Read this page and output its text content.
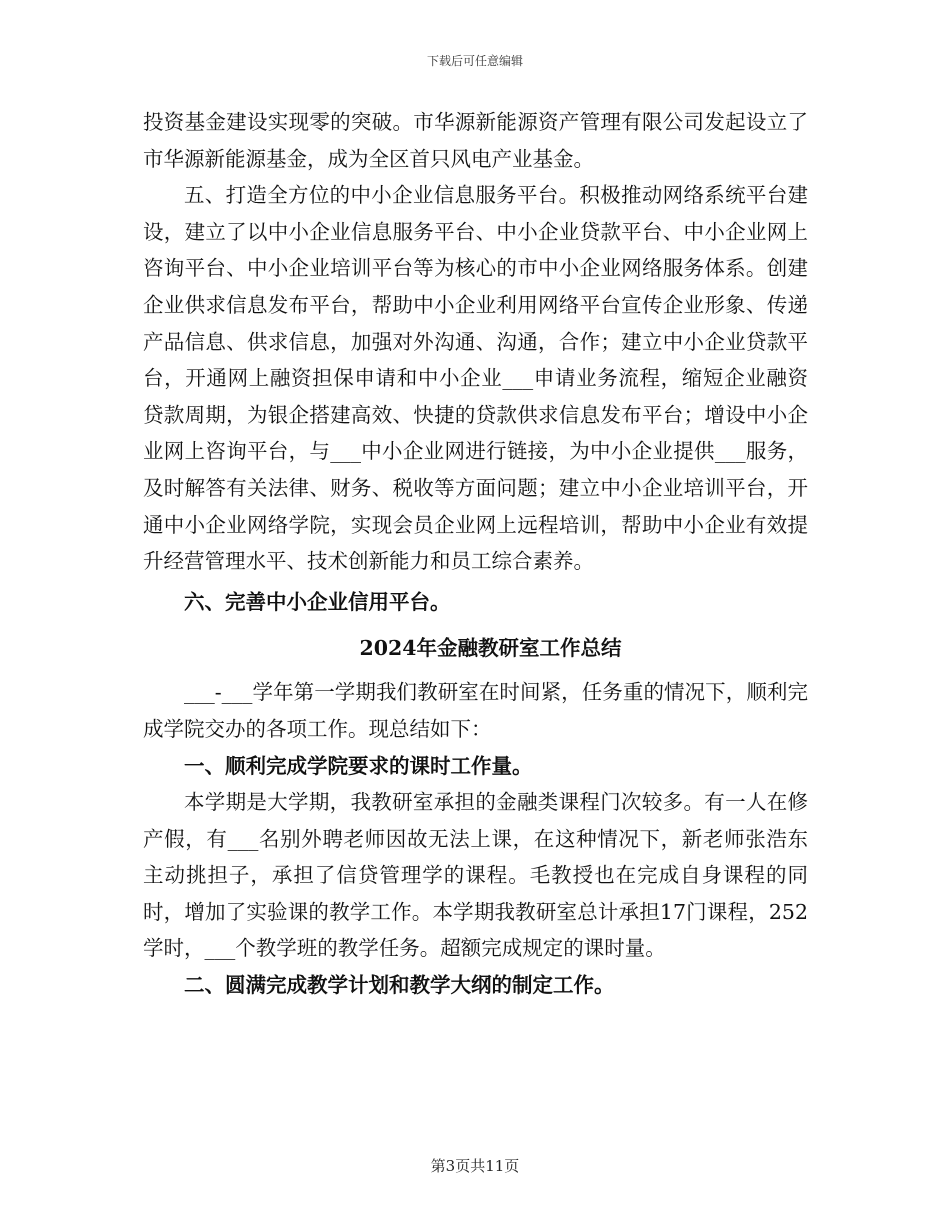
下载后可任意编辑

投资基金建设实现零的突破。市华源新能源资产管理有限公司发起设立了市华源新能源基金，成为全区首只风电产业基金。

五、打造全方位的中小企业信息服务平台。积极推动网络系统平台建设，建立了以中小企业信息服务平台、中小企业贷款平台、中小企业网上咨询平台、中小企业培训平台等为核心的市中小企业网络服务体系。创建企业供求信息发布平台，帮助中小企业利用网络平台宣传企业形象、传递产品信息、供求信息，加强对外沟通、沟通，合作；建立中小企业贷款平台，开通网上融资担保申请和中小企业___申请业务流程，缩短企业融资贷款周期，为银企搭建高效、快捷的贷款供求信息发布平台；增设中小企业网上咨询平台，与___中小企业网进行链接，为中小企业提供___服务，及时解答有关法律、财务、税收等方面问题；建立中小企业培训平台，开通中小企业网络学院，实现会员企业网上远程培训，帮助中小企业有效提升经营管理水平、技术创新能力和员工综合素养。

六、完善中小企业信用平台。

2024年金融教研室工作总结

___-___学年第一学期我们教研室在时间紧，任务重的情况下，顺利完成学院交办的各项工作。现总结如下：

一、顺利完成学院要求的课时工作量。

本学期是大学期，我教研室承担的金融类课程门次较多。有一人在修产假，有___名别外聘老师因故无法上课，在这种情况下，新老师张浩东主动挑担子，承担了信贷管理学的课程。毛教授也在完成自身课程的同时，增加了实验课的教学工作。本学期我教研室总计承担17门课程，252学时，___个教学班的教学任务。超额完成规定的课时量。

二、圆满完成教学计划和教学大纲的制定工作。

第3页共11页
